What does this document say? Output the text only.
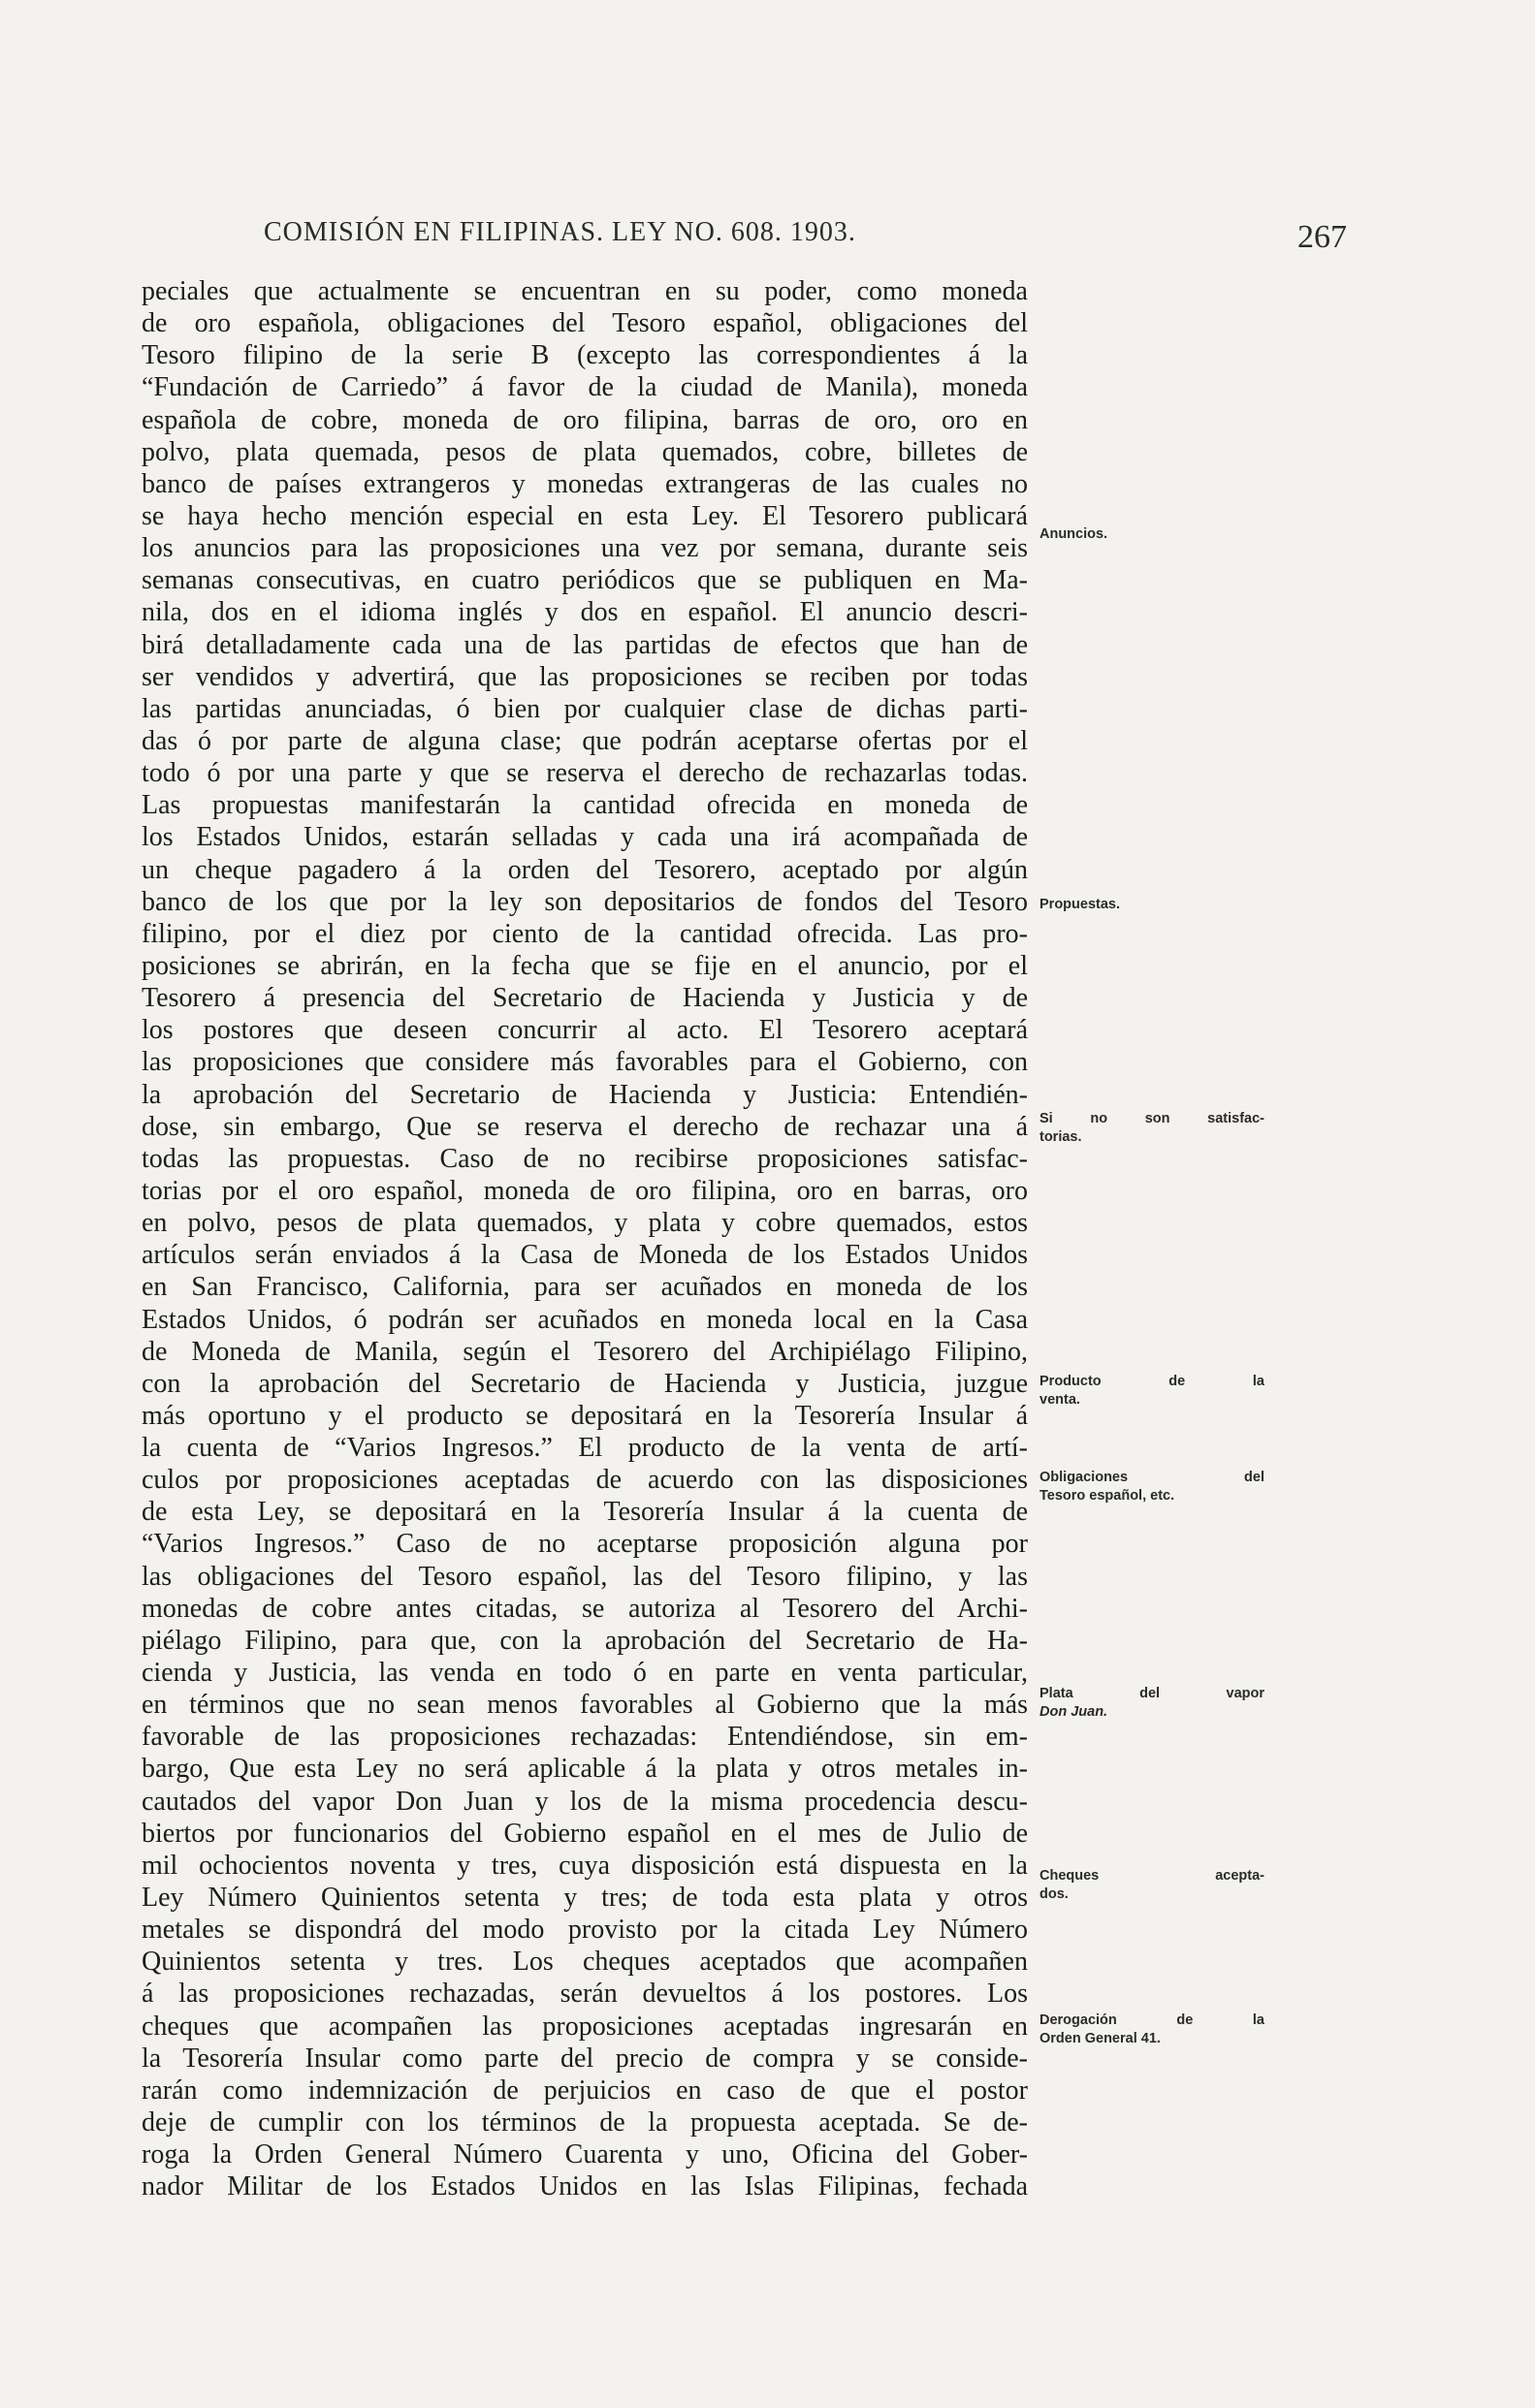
COMISIÓN EN FILIPINAS. LEY NO. 608. 1903.	267
peciales que actualmente se encuentran en su poder, como moneda
de oro española, obligaciones del Tesoro español, obligaciones del
Tesoro filipino de la serie B (excepto las correspondientes á la
“Fundación de Carriedo” á favor de la ciudad de Manila), moneda
española de cobre, moneda de oro filipina, barras de oro, oro en
polvo, plata quemada, pesos de plata quemados, cobre, billetes de
banco de países extrangeros y monedas extrangeras de las cuales no
se haya hecho mención especial en esta Ley. El Tesorero publicará
los anuncios para las proposiciones una vez por semana, durante seis
semanas consecutivas, en cuatro periódicos que se publiquen en Ma-
nila, dos en el idioma inglés y dos en español. El anuncio descri-
birá detalladamente cada una de las partidas de efectos que han de
ser vendidos y advertirá, que las proposiciones se reciben por todas
las partidas anunciadas, ó bien por cualquier clase de dichas parti-
das ó por parte de alguna clase; que podrán aceptarse ofertas por el
todo ó por una parte y que se reserva el derecho de rechazarlas todas.
Las propuestas manifestarán la cantidad ofrecida en moneda de
los Estados Unidos, estarán selladas y cada una irá acompañada de
un cheque pagadero á la orden del Tesorero, aceptado por algún
banco de los que por la ley son depositarios de fondos del Tesoro
filipino, por el diez por ciento de la cantidad ofrecida. Las pro-
posiciones se abrirán, en la fecha que se fije en el anuncio, por el
Tesorero á presencia del Secretario de Hacienda y Justicia y de
los postores que deseen concurrir al acto. El Tesorero aceptará
las proposiciones que considere más favorables para el Gobierno, con
la aprobación del Secretario de Hacienda y Justicia: Entendién-
dose, sin embargo, Que se reserva el derecho de rechazar una á
todas las propuestas. Caso de no recibirse proposiciones satisfac-
torias por el oro español, moneda de oro filipina, oro en barras, oro
en polvo, pesos de plata quemados, y plata y cobre quemados, estos
artículos serán enviados á la Casa de Moneda de los Estados Unidos
en San Francisco, California, para ser acuñados en moneda de los
Estados Unidos, ó podrán ser acuñados en moneda local en la Casa
de Moneda de Manila, según el Tesorero del Archipiélago Filipino,
con la aprobación del Secretario de Hacienda y Justicia, juzgue
más oportuno y el producto se depositará en la Tesorería Insular á
la cuenta de “Varios Ingresos.” El producto de la venta de artí-
culos por proposiciones aceptadas de acuerdo con las disposiciones
de esta Ley, se depositará en la Tesorería Insular á la cuenta de
“Varios Ingresos.” Caso de no aceptarse proposición alguna por
las obligaciones del Tesoro español, las del Tesoro filipino, y las
monedas de cobre antes citadas, se autoriza al Tesorero del Archi-
piélago Filipino, para que, con la aprobación del Secretario de Ha-
cienda y Justicia, las venda en todo ó en parte en venta particular,
en términos que no sean menos favorables al Gobierno que la más
favorable de las proposiciones rechazadas: Entendiéndose, sin em-
bargo, Que esta Ley no será aplicable á la plata y otros metales in-
cautados del vapor Don Juan y los de la misma procedencia descu-
biertos por funcionarios del Gobierno español en el mes de Julio de
mil ochocientos noventa y tres, cuya disposición está dispuesta en la
Ley Número Quinientos setenta y tres; de toda esta plata y otros
metales se dispondrá del modo provisto por la citada Ley Número
Quinientos setenta y tres. Los cheques aceptados que acompañen
á las proposiciones rechazadas, serán devueltos á los postores. Los
cheques que acompañen las proposiciones aceptadas ingresarán en
la Tesorería Insular como parte del precio de compra y se conside-
rarán como indemnización de perjuicios en caso de que el postor
deje de cumplir con los términos de la propuesta aceptada. Se de-
roga la Orden General Número Cuarenta y uno, Oficina del Gober-
nador Militar de los Estados Unidos en las Islas Filipinas, fechada
Anuncios.
Propuestas.
Si no son satisfac-
torias.
Producto de la
venta.
Obligaciones del
Tesoro español, etc.
Plata del vapor
Don Juan.
Cheques acepta-
dos.
Derogación de la
Orden General 41.
